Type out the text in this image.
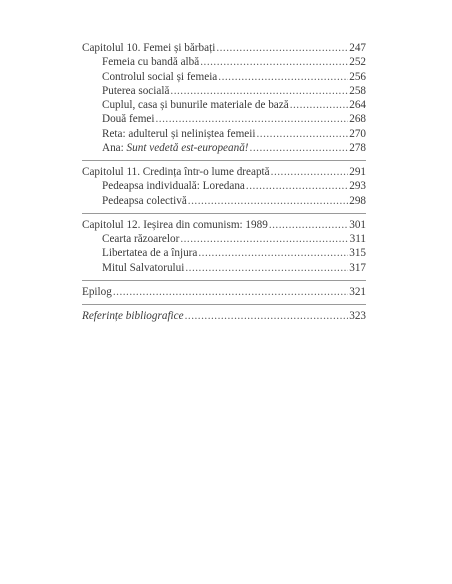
Capitolul 10. Femei și bărbați .....	247
Femeia cu bandă albă .....	252
Controlul social și femeia .....	256
Puterea socială .....	258
Cuplul, casa și bunurile materiale de bază .....	264
Două femei .....	268
Reta: adulterul și neliniștea femeii .....	270
Ana: Sunt vedetă est-europeană! .....	278
Capitolul 11. Credința într-o lume dreaptă .....	291
Pedeapsa individuală: Loredana .....	293
Pedeapsa colectivă .....	298
Capitolul 12. Ieșirea din comunism: 1989 .....	301
Cearta răzoarelor .....	311
Libertatea de a înjura .....	315
Mitul Salvatorului .....	317
Epilog .....	321
Referințe bibliografice .....	323
